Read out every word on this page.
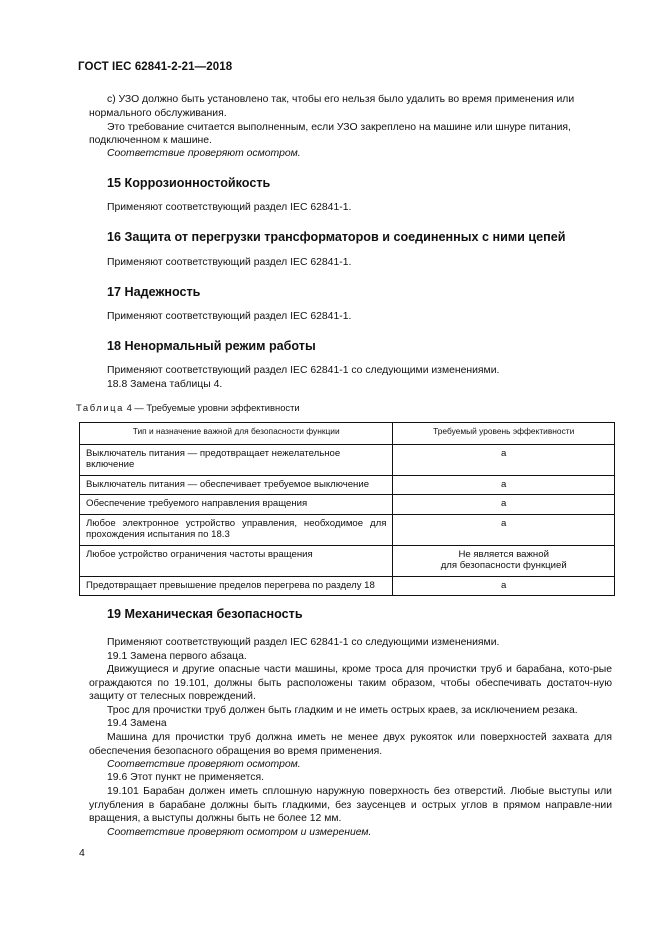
ГОСТ IEC 62841-2-21—2018

с) УЗО должно быть установлено так, чтобы его нельзя было удалить во время применения или

нормального обслуживания.

Это требование считается выполненным, если УЗО закреплено на машине или шнуре питания,

подключенном к машине.

Соответствие проверяют осмотром.

15 Коррозионностойкость

Применяют соответствующий раздел IEC 62841-1.

16 Защита от перегрузки трансформаторов и соединенных с ними цепей

Применяют соответствующий раздел IEC 62841-1.

17 Надежность

Применяют соответствующий раздел IEC 62841-1.

18 Ненормальный режим работы

Применяют соответствующий раздел IEC 62841-1 со следующими изменениями.

18.8 Замена таблицы 4.

Таблица 4 — Требуемые уровни эффективности
Тип и назначение важной для безопасности функции	Требуемый уровень эффективности
Выключатель питания — предотвращает нежелательное включение	a
Выключатель питания — обеспечивает требуемое выключение	a
Обеспечение требуемого направления вращения	a
Любое электронное устройство управления, необходимое для прохождения испытания по 18.3	a
Любое устройство ограничения частоты вращения	Не является важной
для безопасности функцией

Предотвращает превышение пределов перегрева по разделу 18	a
19 Механическая безопасность

Применяют соответствующий раздел IEC 62841-1 со следующими изменениями.

19.1 Замена первого абзаца.

Движущиеся и другие опасные части машины, кроме троса для прочистки труб и барабана, кото-рые ограждаются по 19.101, должны быть расположены таким образом, чтобы обеспечивать достаточ-ную защиту от телесных повреждений.

Трос для прочистки труб должен быть гладким и не иметь острых краев, за исключением резака.

19.4 Замена

Машина для прочистки труб должна иметь не менее двух рукояток или поверхностей захвата для обеспечения безопасного обращения во время применения.

Соответствие проверяют осмотром.

19.6 Этот пункт не применяется.

19.101 Барабан должен иметь сплошную наружную поверхность без отверстий. Любые выступы или углубления в барабане должны быть гладкими, без заусенцев и острых углов в прямом направле-нии вращения, а выступы должны быть не более 12 мм.

Соответствие проверяют осмотром и измерением.

4
